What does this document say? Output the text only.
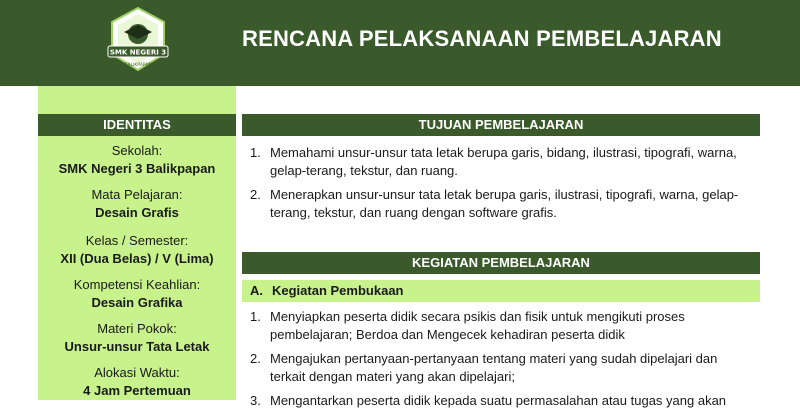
SMK NEGERI 3
BALIKPAPAN
RENCANA PELAKSANAAN PEMBELAJARAN
IDENTITAS
Sekolah:
SMK Negeri 3 Balikpapan
Mata Pelajaran:
Desain Grafis
Kelas / Semester:
XII (Dua Belas) / V (Lima)
Kompetensi Keahlian:
Desain Grafika
Materi Pokok:
Unsur-unsur Tata Letak
Alokasi Waktu:
4 Jam Pertemuan
TUJUAN PEMBELAJARAN
1. Memahami unsur-unsur tata letak berupa garis, bidang, ilustrasi, tipografi, warna, gelap-terang, tekstur, dan ruang.
2. Menerapkan unsur-unsur tata letak berupa garis, ilustrasi, tipografi, warna, gelap-terang, tekstur, dan ruang dengan software grafis.
KEGIATAN PEMBELAJARAN
A. Kegiatan Pembukaan
1. Menyiapkan peserta didik secara psikis dan fisik untuk mengikuti proses pembelajaran; Berdoa dan Mengecek kehadiran peserta didik
2. Mengajukan pertanyaan-pertanyaan tentang materi yang sudah dipelajari dan terkait dengan materi yang akan dipelajari;
3. Mengantarkan peserta didik kepada suatu permasalahan atau tugas yang akan
